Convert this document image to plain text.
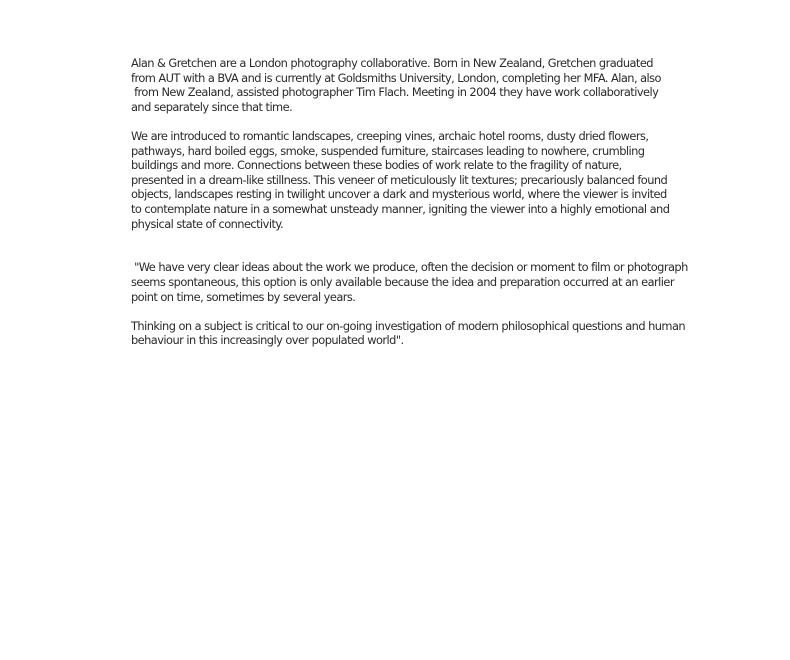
Alan & Gretchen are a London photography collaborative. Born in New Zealand, Gretchen graduated
from AUT with a BVA and is currently at Goldsmiths University, London, completing her MFA. Alan, also
from New Zealand, assisted photographer Tim Flach. Meeting in 2004 they have work collaboratively
and separately since that time.
We are introduced to romantic landscapes, creeping vines, archaic hotel rooms, dusty dried flowers,
pathways, hard boiled eggs, smoke, suspended furniture, staircases leading to nowhere, crumbling
buildings and more. Connections between these bodies of work relate to the fragility of nature,
presented in a dream-like stillness. This veneer of meticulously lit textures; precariously balanced found
objects, landscapes resting in twilight uncover a dark and mysterious world, where the viewer is invited
to contemplate nature in a somewhat unsteady manner, igniting the viewer into a highly emotional and
physical state of connectivity.
"We have very clear ideas about the work we produce, often the decision or moment to film or photograph
seems spontaneous, this option is only available because the idea and preparation occurred at an earlier
point on time, sometimes by several years.
Thinking on a subject is critical to our on-going investigation of modern philosophical questions and human
behaviour in this increasingly over populated world".
